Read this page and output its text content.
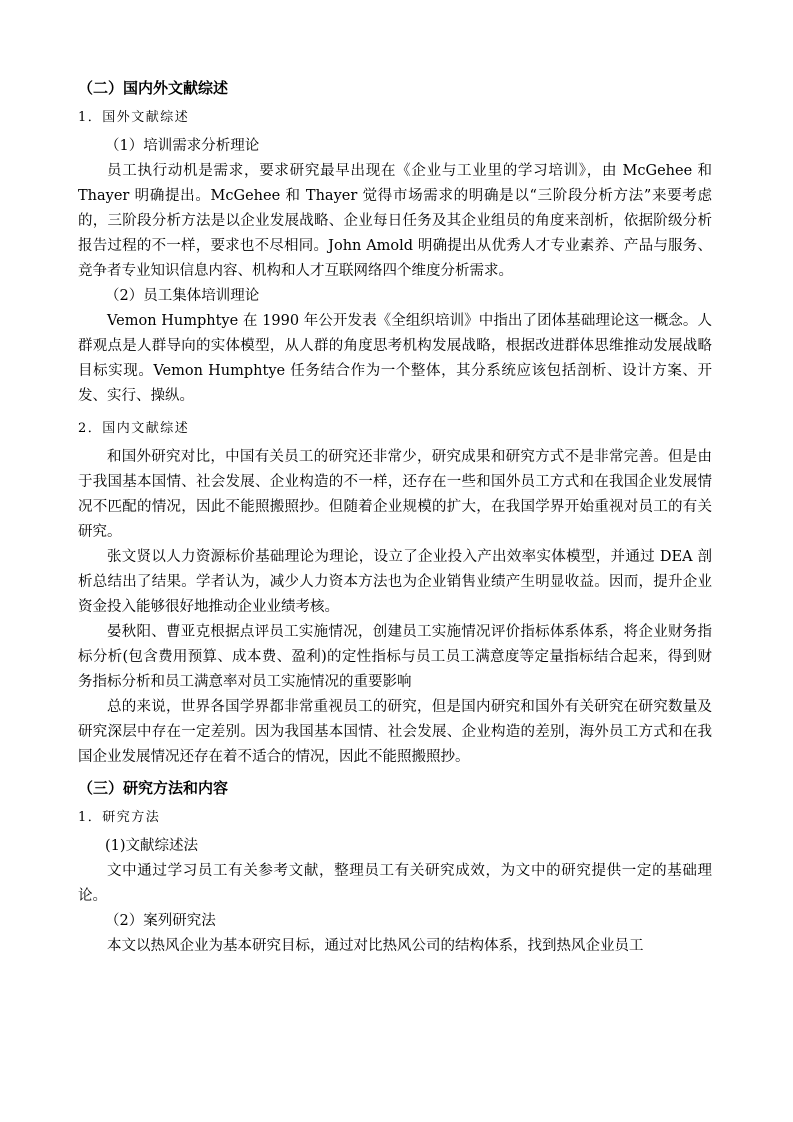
（二）国内外文献综述
1．国外文献综述
（1）培训需求分析理论

员工执行动机是需求，要求研究最早出现在《企业与工业里的学习培训》，由 McGehee 和 Thayer 明确提出。McGehee 和 Thayer 觉得市场需求的明确是以“三阶段分析方法”来要考虑的，三阶段分析方法是以企业发展战略、企业每日任务及其企业组员的角度来剖析，依据阶级分析报告过程的不一样，要求也不尽相同。John Amold 明确提出从优秀人才专业素养、产品与服务、竞争者专业知识信息内容、机构和人才互联网络四个维度分析需求。

（2）员工集体培训理论

Vemon Humphtye 在 1990 年公开发表《全组织培训》中指出了团体基础理论这一概念。人群观点是人群导向的实体模型，从人群的角度思考机构发展战略，根据改进群体思维推动发展战略目标实现。Vemon Humphtye 任务结合作为一个整体，其分系统应该包括剖析、设计方案、开发、实行、操纵。

2．国内文献综述

和国外研究对比，中国有关员工的研究还非常少，研究成果和研究方式不是非常完善。但是由于我国基本国情、社会发展、企业构造的不一样，还存在一些和国外员工方式和在我国企业发展情况不匹配的情况，因此不能照搬照抄。但随着企业规模的扩大，在我国学界开始重视对员工的有关研究。

张文贤以人力资源标价基础理论为理论，设立了企业投入产出效率实体模型，并通过 DEA 剖析总结出了结果。学者认为，减少人力资本方法也为企业销售业绩产生明显收益。因而，提升企业资金投入能够很好地推动企业业绩考核。

晏秋阳、曹亚克根据点评员工实施情况，创建员工实施情况评价指标体系体系，将企业财务指标分析(包含费用预算、成本费、盈利)的定性指标与员工员工满意度等定量指标结合起来，得到财务指标分析和员工满意率对员工实施情况的重要影响

总的来说，世界各国学界都非常重视员工的研究，但是国内研究和国外有关研究在研究数量及研究深层中存在一定差别。因为我国基本国情、社会发展、企业构造的差别，海外员工方式和在我国企业发展情况还存在着不适合的情况，因此不能照搬照抄。

（三）研究方法和内容
1．研究方法
(1)文献综述法

文中通过学习员工有关参考文献，整理员工有关研究成效，为文中的研究提供一定的基础理论。

（2）案列研究法

本文以热风企业为基本研究目标，通过对比热风公司的结构体系，找到热风企业员工
